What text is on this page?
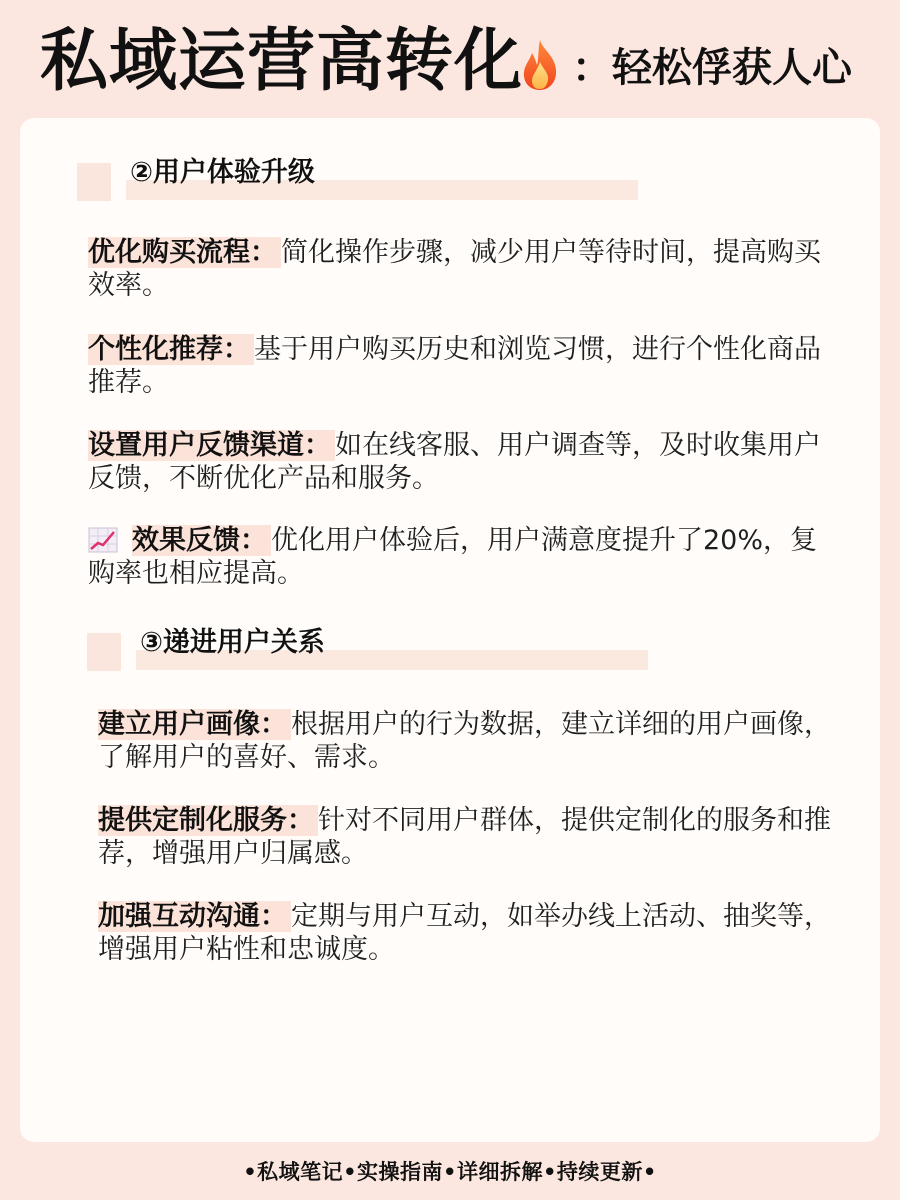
私域运营高转化 ：轻松俘获人心
②用户体验升级
优化购买流程： 简化操作步骤，减少用户等待时间，提高购买效率。
个性化推荐： 基于用户购买历史和浏览习惯，进行个性化商品推荐。
设置用户反馈渠道： 如在线客服、用户调查等，及时收集用户反馈，不断优化产品和服务。
效果反馈： 优化用户体验后，用户满意度提升了20%，复购率也相应提高。
③递进用户关系
建立用户画像： 根据用户的行为数据，建立详细的用户画像，了解用户的喜好、需求。
提供定制化服务： 针对不同用户群体，提供定制化的服务和推荐，增强用户归属感。
加强互动沟通： 定期与用户互动，如举办线上活动、抽奖等，增强用户粘性和忠诚度。
•私域笔记•实操指南•详细拆解•持续更新•
